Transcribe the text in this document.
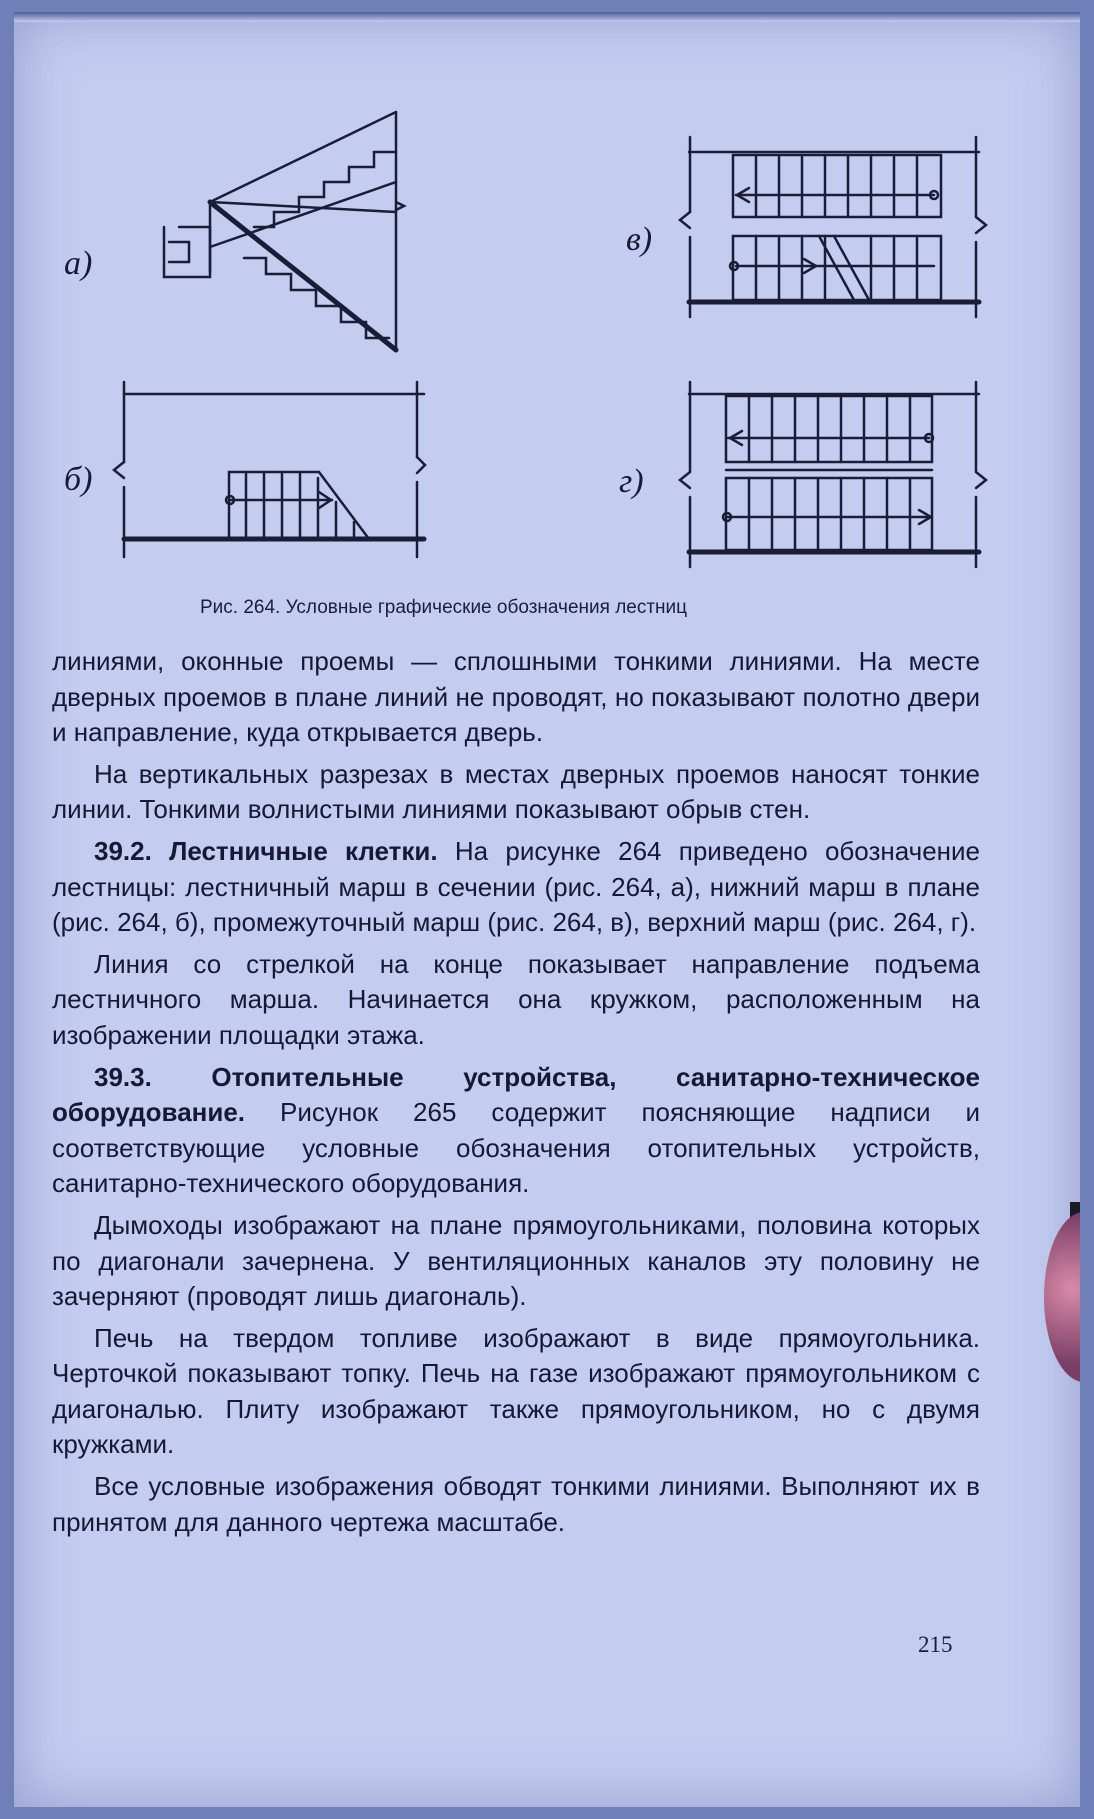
а)
б)
в)
г)
Рис. 264. Условные графические обозначения лестниц

линиями, оконные проемы — сплошными тонкими линиями. На месте дверных проемов в плане линий не проводят, но показывают полотно двери и направление, куда открывается дверь.

На вертикальных разрезах в местах дверных проемов наносят тонкие линии. Тонкими волнистыми линиями показывают обрыв стен.

39.2. Лестничные клетки. На рисунке 264 приведено обозначение лестницы: лестничный марш в сечении (рис. 264, а), нижний марш в плане (рис. 264, б), промежуточный марш (рис. 264, в), верхний марш (рис. 264, г).

Линия со стрелкой на конце показывает направление подъема лестничного марша. Начинается она кружком, расположенным на изображении площадки этажа.

39.3. Отопительные устройства, санитарно-техническое оборудование. Рисунок 265 содержит поясняющие надписи и соответствующие условные обозначения отопительных устройств, санитарно-технического оборудования.

Дымоходы изображают на плане прямоугольниками, половина которых по диагонали зачернена. У вентиляционных каналов эту половину не зачерняют (проводят лишь диагональ).

Печь на твердом топливе изображают в виде прямоугольника. Черточкой показывают топку. Печь на газе изображают прямоугольником с диагональю. Плиту изображают также прямоугольником, но с двумя кружками.

Все условные изображения обводят тонкими линиями. Выполняют их в принятом для данного чертежа масштабе.

215
